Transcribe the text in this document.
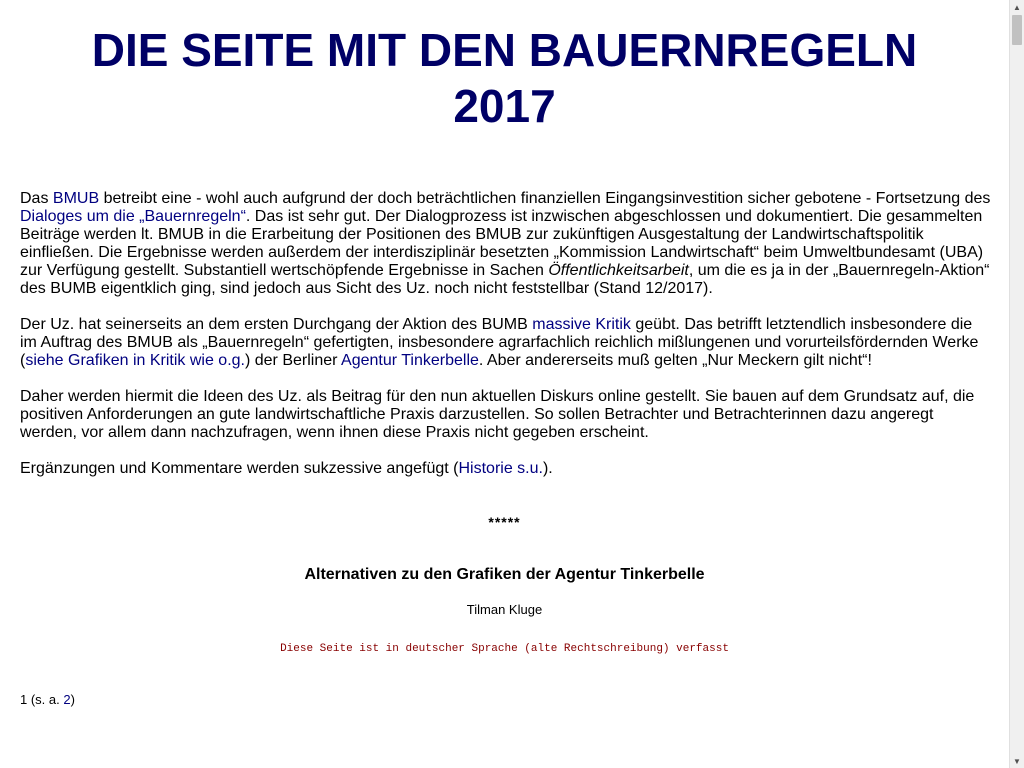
DIE SEITE MIT DEN BAUERNREGELN
2017

Das BMUB betreibt eine - wohl auch aufgrund der doch beträchtlichen finanziellen Eingangsinvestition sicher gebotene - Fortsetzung des Dialoges um die „Bauernregeln“. Das ist sehr gut. Der Dialogprozess ist inzwischen abgeschlossen und dokumentiert. Die gesammelten Beiträge werden lt. BMUB in die Erarbeitung der Positionen des BMUB zur zukünftigen Ausgestaltung der Landwirtschaftspolitik einfließen. Die Ergebnisse werden außerdem der interdisziplinär besetzten „Kommission Landwirtschaft“ beim Umweltbundesamt (UBA) zur Verfügung gestellt. Substantiell wertschöpfende Ergebnisse in Sachen Öffentlichkeitsarbeit, um die es ja in der „Bauernregeln-Aktion“ des BUMB eigentklich ging, sind jedoch aus Sicht des Uz. noch nicht feststellbar (Stand 12/2017).

Der Uz. hat seinerseits an dem ersten Durchgang der Aktion des BUMB massive Kritik geübt. Das betrifft letztendlich insbesondere die im Auftrag des BMUB als „Bauernregeln“ gefertigten, insbesondere agrarfachlich reichlich mißlungenen und vorurteilsfördernden Werke (siehe Grafiken in Kritik wie o.g.) der Berliner Agentur Tinkerbelle. Aber andererseits muß gelten „Nur Meckern gilt nicht“!

Daher werden hiermit die Ideen des Uz. als Beitrag für den nun aktuellen Diskurs online gestellt. Sie bauen auf dem Grundsatz auf, die positiven Anforderungen an gute landwirtschaftliche Praxis darzustellen. So sollen Betrachter und Betrachterinnen dazu angeregt werden, vor allem dann nachzufragen, wenn ihnen diese Praxis nicht gegeben erscheint.

Ergänzungen und Kommentare werden sukzessive angefügt (Historie s.u.).

*****
Alternativen zu den Grafiken der Agentur Tinkerbelle
Tilman Kluge
Diese Seite ist in deutscher Sprache (alte Rechtschreibung) verfasst
1 (s. a. 2)
▲
▼
